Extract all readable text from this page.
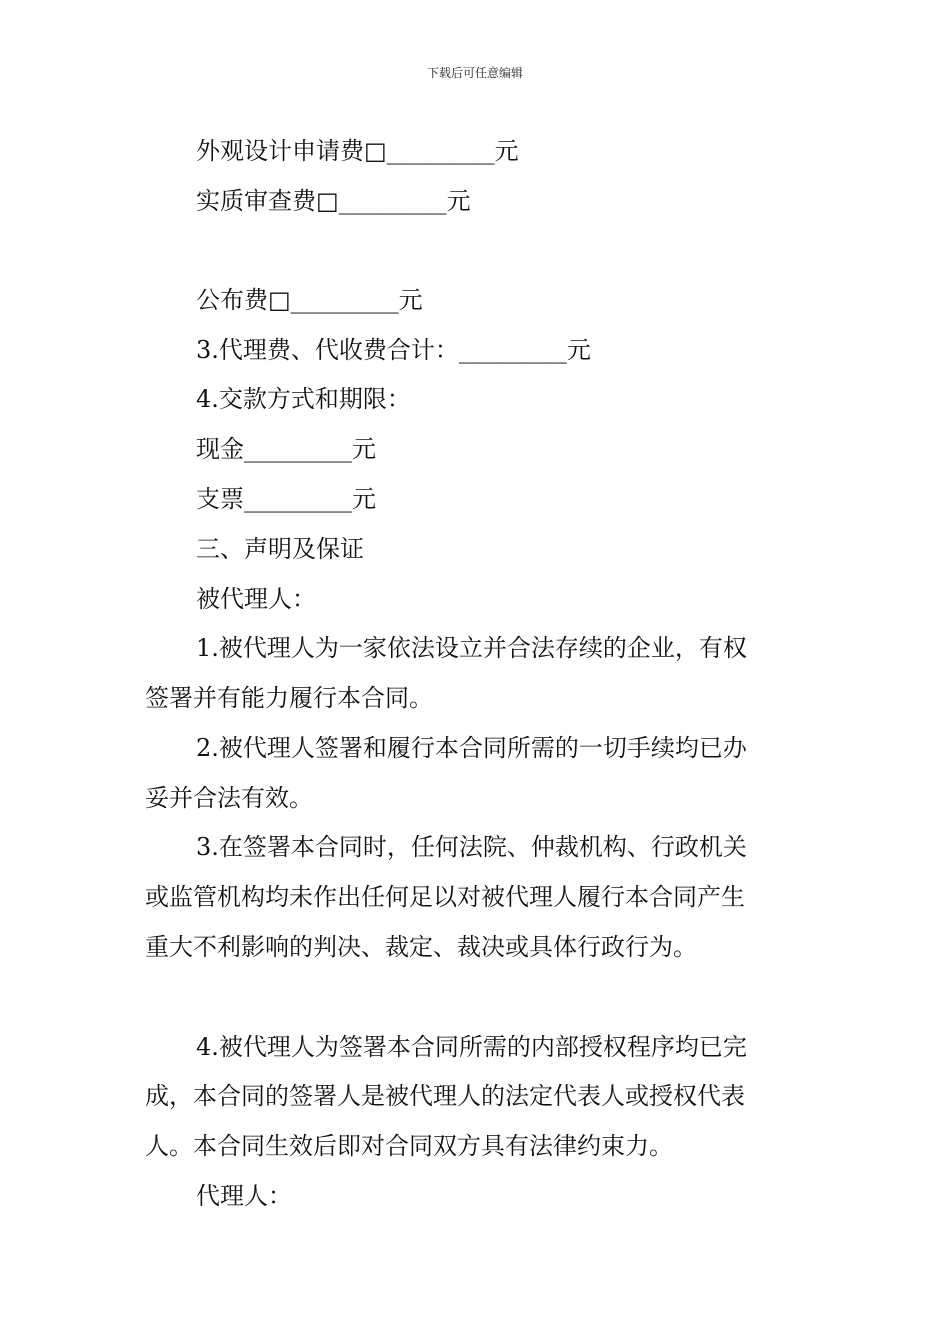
下载后可任意编辑
外观设计申请费□_________元
实质审查费□_________元
公布费□_________元
3.代理费、代收费合计：_________元
4.交款方式和期限：
现金_________元
支票_________元
三、声明及保证
被代理人：
1.被代理人为一家依法设立并合法存续的企业，有权
签署并有能力履行本合同。
2.被代理人签署和履行本合同所需的一切手续均已办
妥并合法有效。
3.在签署本合同时，任何法院、仲裁机构、行政机关
或监管机构均未作出任何足以对被代理人履行本合同产生
重大不利影响的判决、裁定、裁决或具体行政行为。
4.被代理人为签署本合同所需的内部授权程序均已完
成，本合同的签署人是被代理人的法定代表人或授权代表
人。本合同生效后即对合同双方具有法律约束力。
代理人：
